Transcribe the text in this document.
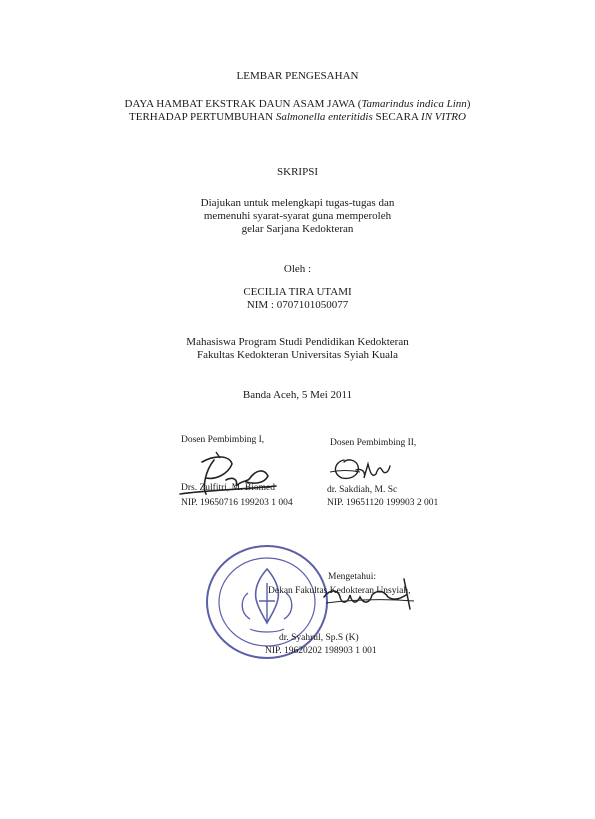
LEMBAR PENGESAHAN
DAYA HAMBAT EKSTRAK DAUN ASAM JAWA (Tamarindus indica Linn)
TERHADAP PERTUMBUHAN Salmonella enteritidis SECARA IN VITRO
SKRIPSI
Diajukan untuk melengkapi tugas-tugas dan
memenuhi syarat-syarat guna memperoleh
gelar Sarjana Kedokteran
Oleh :
CECILIA TIRA UTAMI
NIM : 0707101050077
Mahasiswa Program Studi Pendidikan Kedokteran
Fakultas Kedokteran Universitas Syiah Kuala
Banda Aceh, 5 Mei 2011
Dosen Pembimbing I,	Dosen Pembimbing II,
Drs. Zulfitri, M. Biomed
NIP. 19650716 199203 1 004
dr. Sakdiah, M. Sc
NIP. 19651120 199903 2 001
Mengetahui:
Dekan Fakultas Kedokteran Unsyiah,
dr. Syahrul, Sp.S (K)
NIP. 19620202 198903 1 001
